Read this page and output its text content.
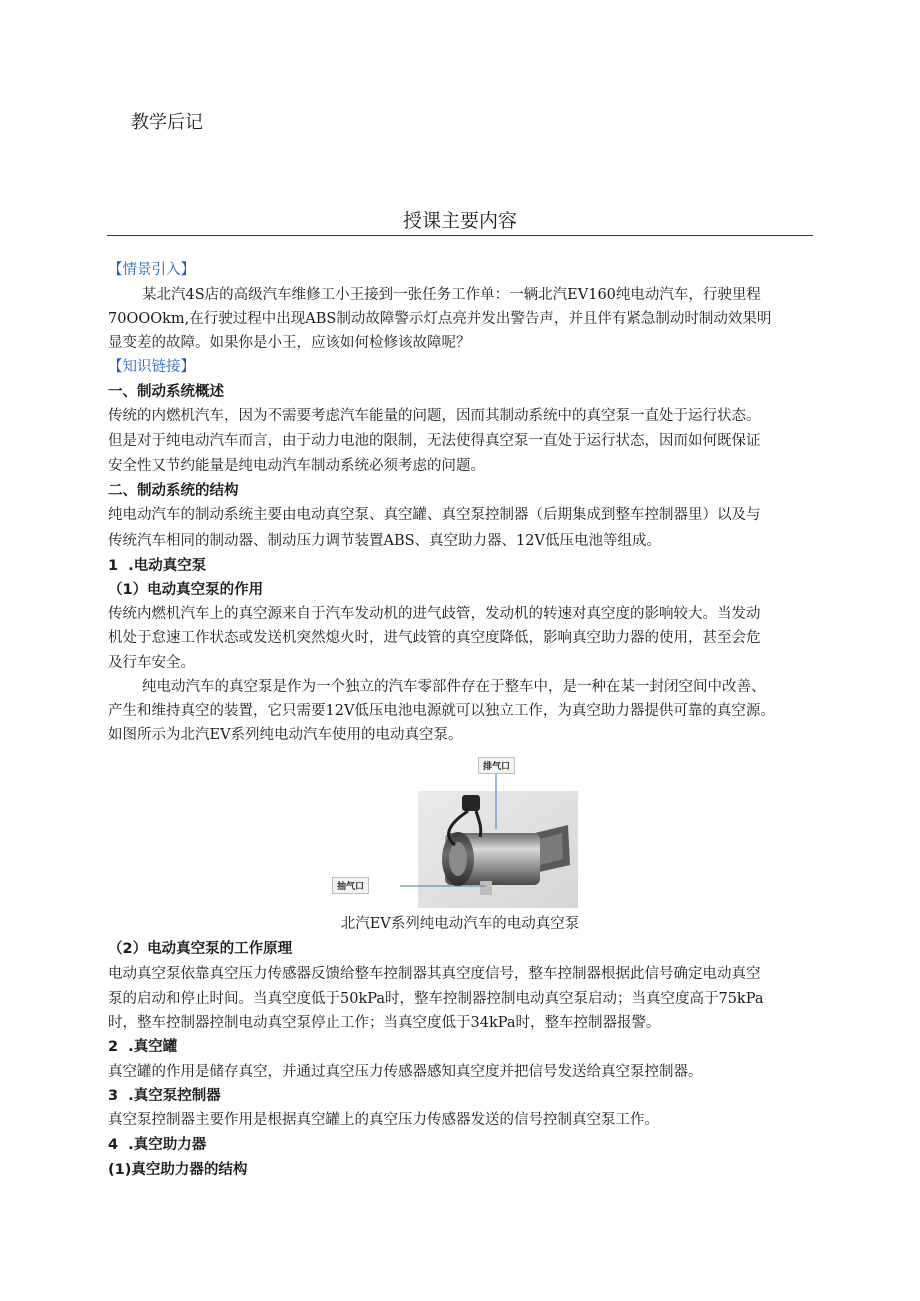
教学后记
授课主要内容
【情景引入】
某北汽4S店的高级汽车维修工小王接到一张任务工作单：一辆北汽EV160纯电动汽车，行驶里程
70OOOkm,在行驶过程中出现ABS制动故障警示灯点亮并发出警告声，并且伴有紧急制动时制动效果明
显变差的故障。如果你是小王，应该如何检修该故障呢？
【知识链接】
一、制动系统概述
传统的内燃机汽车，因为不需要考虑汽车能量的问题，因而其制动系统中的真空泵一直处于运行状态。
但是对于纯电动汽车而言，由于动力电池的限制，无法使得真空泵一直处于运行状态，因而如何既保证
安全性又节约能量是纯电动汽车制动系统必须考虑的问题。
二、制动系统的结构
纯电动汽车的制动系统主要由电动真空泵、真空罐、真空泵控制器（后期集成到整车控制器里）以及与
传统汽车相同的制动器、制动压力调节装置ABS、真空助力器、12V低压电池等组成。
1  .电动真空泵
（1）电动真空泵的作用
传统内燃机汽车上的真空源来自于汽车发动机的进气歧管，发动机的转速对真空度的影响较大。当发动
机处于怠速工作状态或发送机突然熄火时，进气歧管的真空度降低，影响真空助力器的使用，甚至会危
及行车安全。
纯电动汽车的真空泵是作为一个独立的汽车零部件存在于整车中，是一种在某一封闭空间中改善、
产生和维持真空的装置，它只需要12V低压电池电源就可以独立工作，为真空助力器提供可靠的真空源。
如图所示为北汽EV系列纯电动汽车使用的电动真空泵。
排气口
抽气口
北汽EV系列纯电动汽车的电动真空泵
（2）电动真空泵的工作原理
电动真空泵依靠真空压力传感器反馈给整车控制器其真空度信号，整车控制器根据此信号确定电动真空
泵的启动和停止时间。当真空度低于50kPa时，整车控制器控制电动真空泵启动；当真空度高于75kPa
时，整车控制器控制电动真空泵停止工作；当真空度低于34kPa时，整车控制器报警。
2  .真空罐
真空罐的作用是储存真空，并通过真空压力传感器感知真空度并把信号发送给真空泵控制器。
3  .真空泵控制器
真空泵控制器主要作用是根据真空罐上的真空压力传感器发送的信号控制真空泵工作。
4  .真空助力器
(1)真空助力器的结构
